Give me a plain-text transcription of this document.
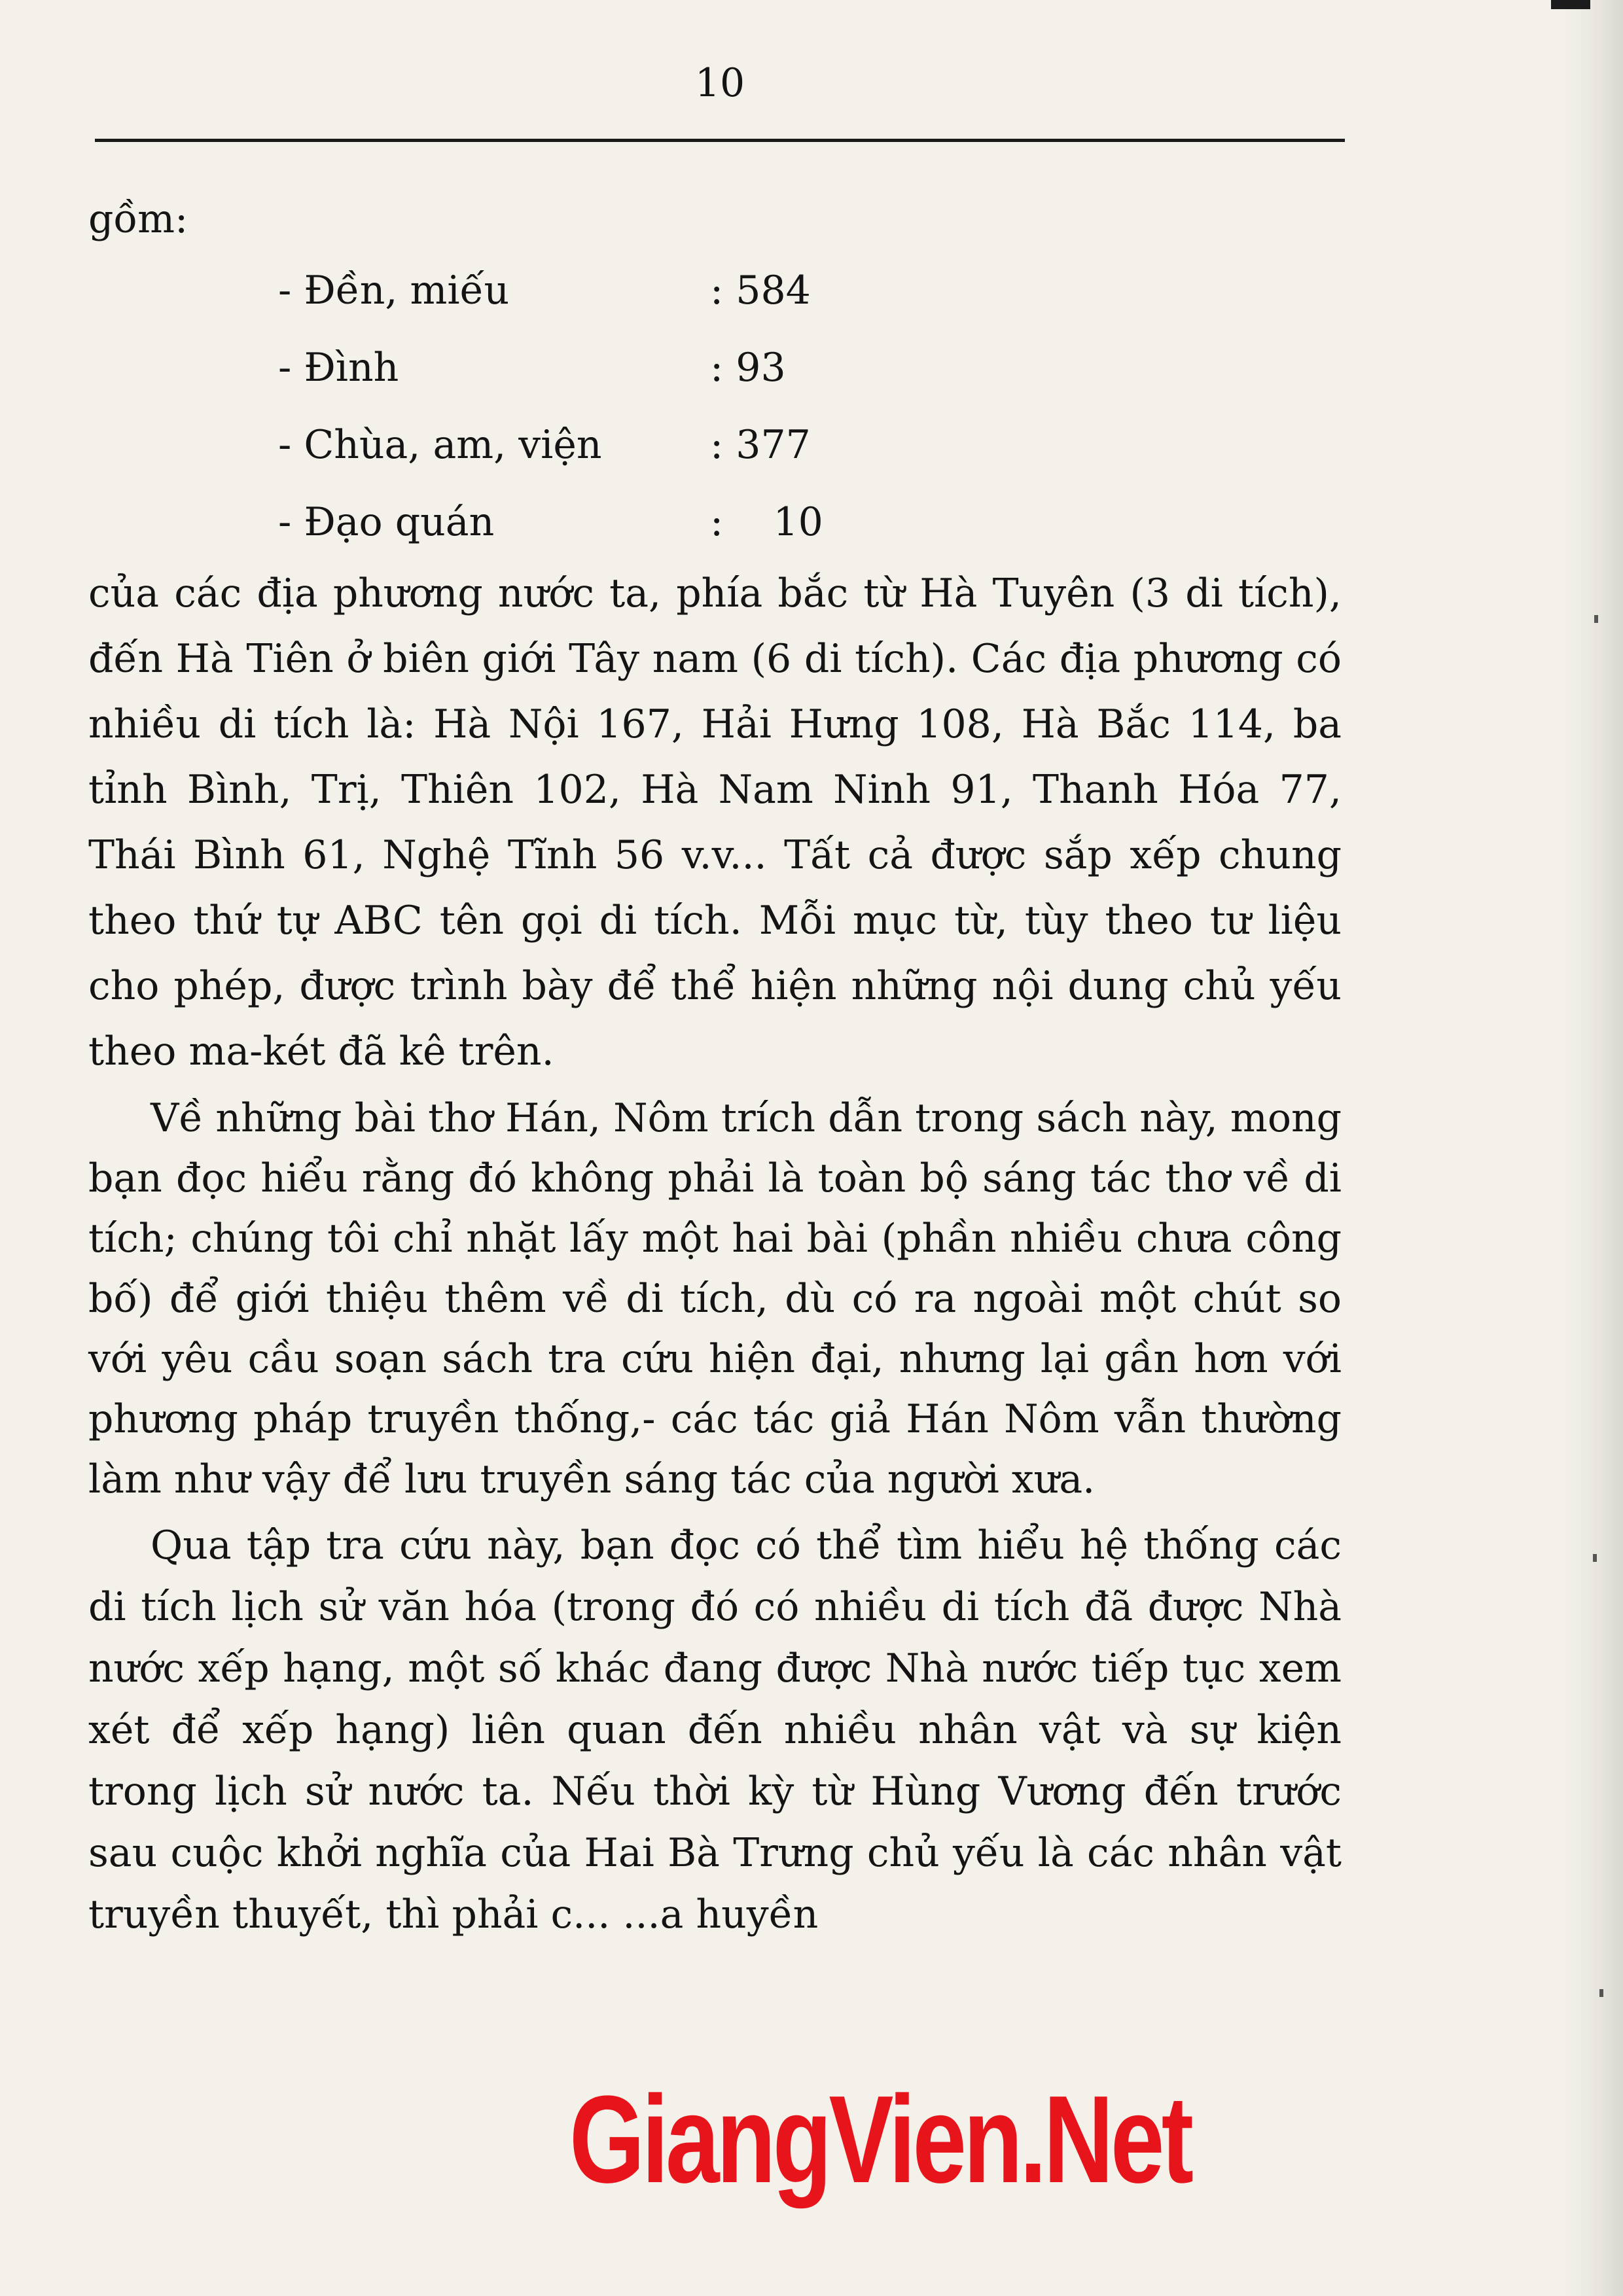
10
gồm:
- Đền, miếu	: 584
- Đình	: 93
- Chùa, am, viện	: 377
- Đạo quán	:    10

của các địa phương nước ta, phía bắc từ Hà Tuyên (3 di tích), đến Hà Tiên ở biên giới Tây nam (6 di tích). Các địa phương có nhiều di tích là: Hà Nội 167, Hải Hưng 108, Hà Bắc 114, ba tỉnh Bình, Trị, Thiên 102, Hà Nam Ninh 91, Thanh Hóa 77, Thái Bình 61, Nghệ Tĩnh 56 v.v... Tất cả được sắp xếp chung theo thứ tự ABC tên gọi di tích. Mỗi mục từ, tùy theo tư liệu cho phép, được trình bày để thể hiện những nội dung chủ yếu theo ma-két đã kê trên.

Về những bài thơ Hán, Nôm trích dẫn trong sách này, mong bạn đọc hiểu rằng đó không phải là toàn bộ sáng tác thơ về di tích; chúng tôi chỉ nhặt lấy một hai bài (phần nhiều chưa công bố) để giới thiệu thêm về di tích, dù có ra ngoài một chút so với yêu cầu soạn sách tra cứu hiện đại, nhưng lại gần hơn với phương pháp truyền thống,- các tác giả Hán Nôm vẫn thường làm như vậy để lưu truyền sáng tác của người xưa.

Qua tập tra cứu này, bạn đọc có thể tìm hiểu hệ thống các di tích lịch sử văn hóa (trong đó có nhiều di tích đã được Nhà nước xếp hạng, một số khác đang được Nhà nước tiếp tục xem xét để xếp hạng) liên quan đến nhiều nhân vật và sự kiện trong lịch sử nước ta. Nếu thời kỳ từ Hùng Vương đến trước sau cuộc khởi nghĩa của Hai Bà Trưng chủ yếu là các nhân vật truyền thuyết, thì phải c... ...a huyền

GiangVien.Net
